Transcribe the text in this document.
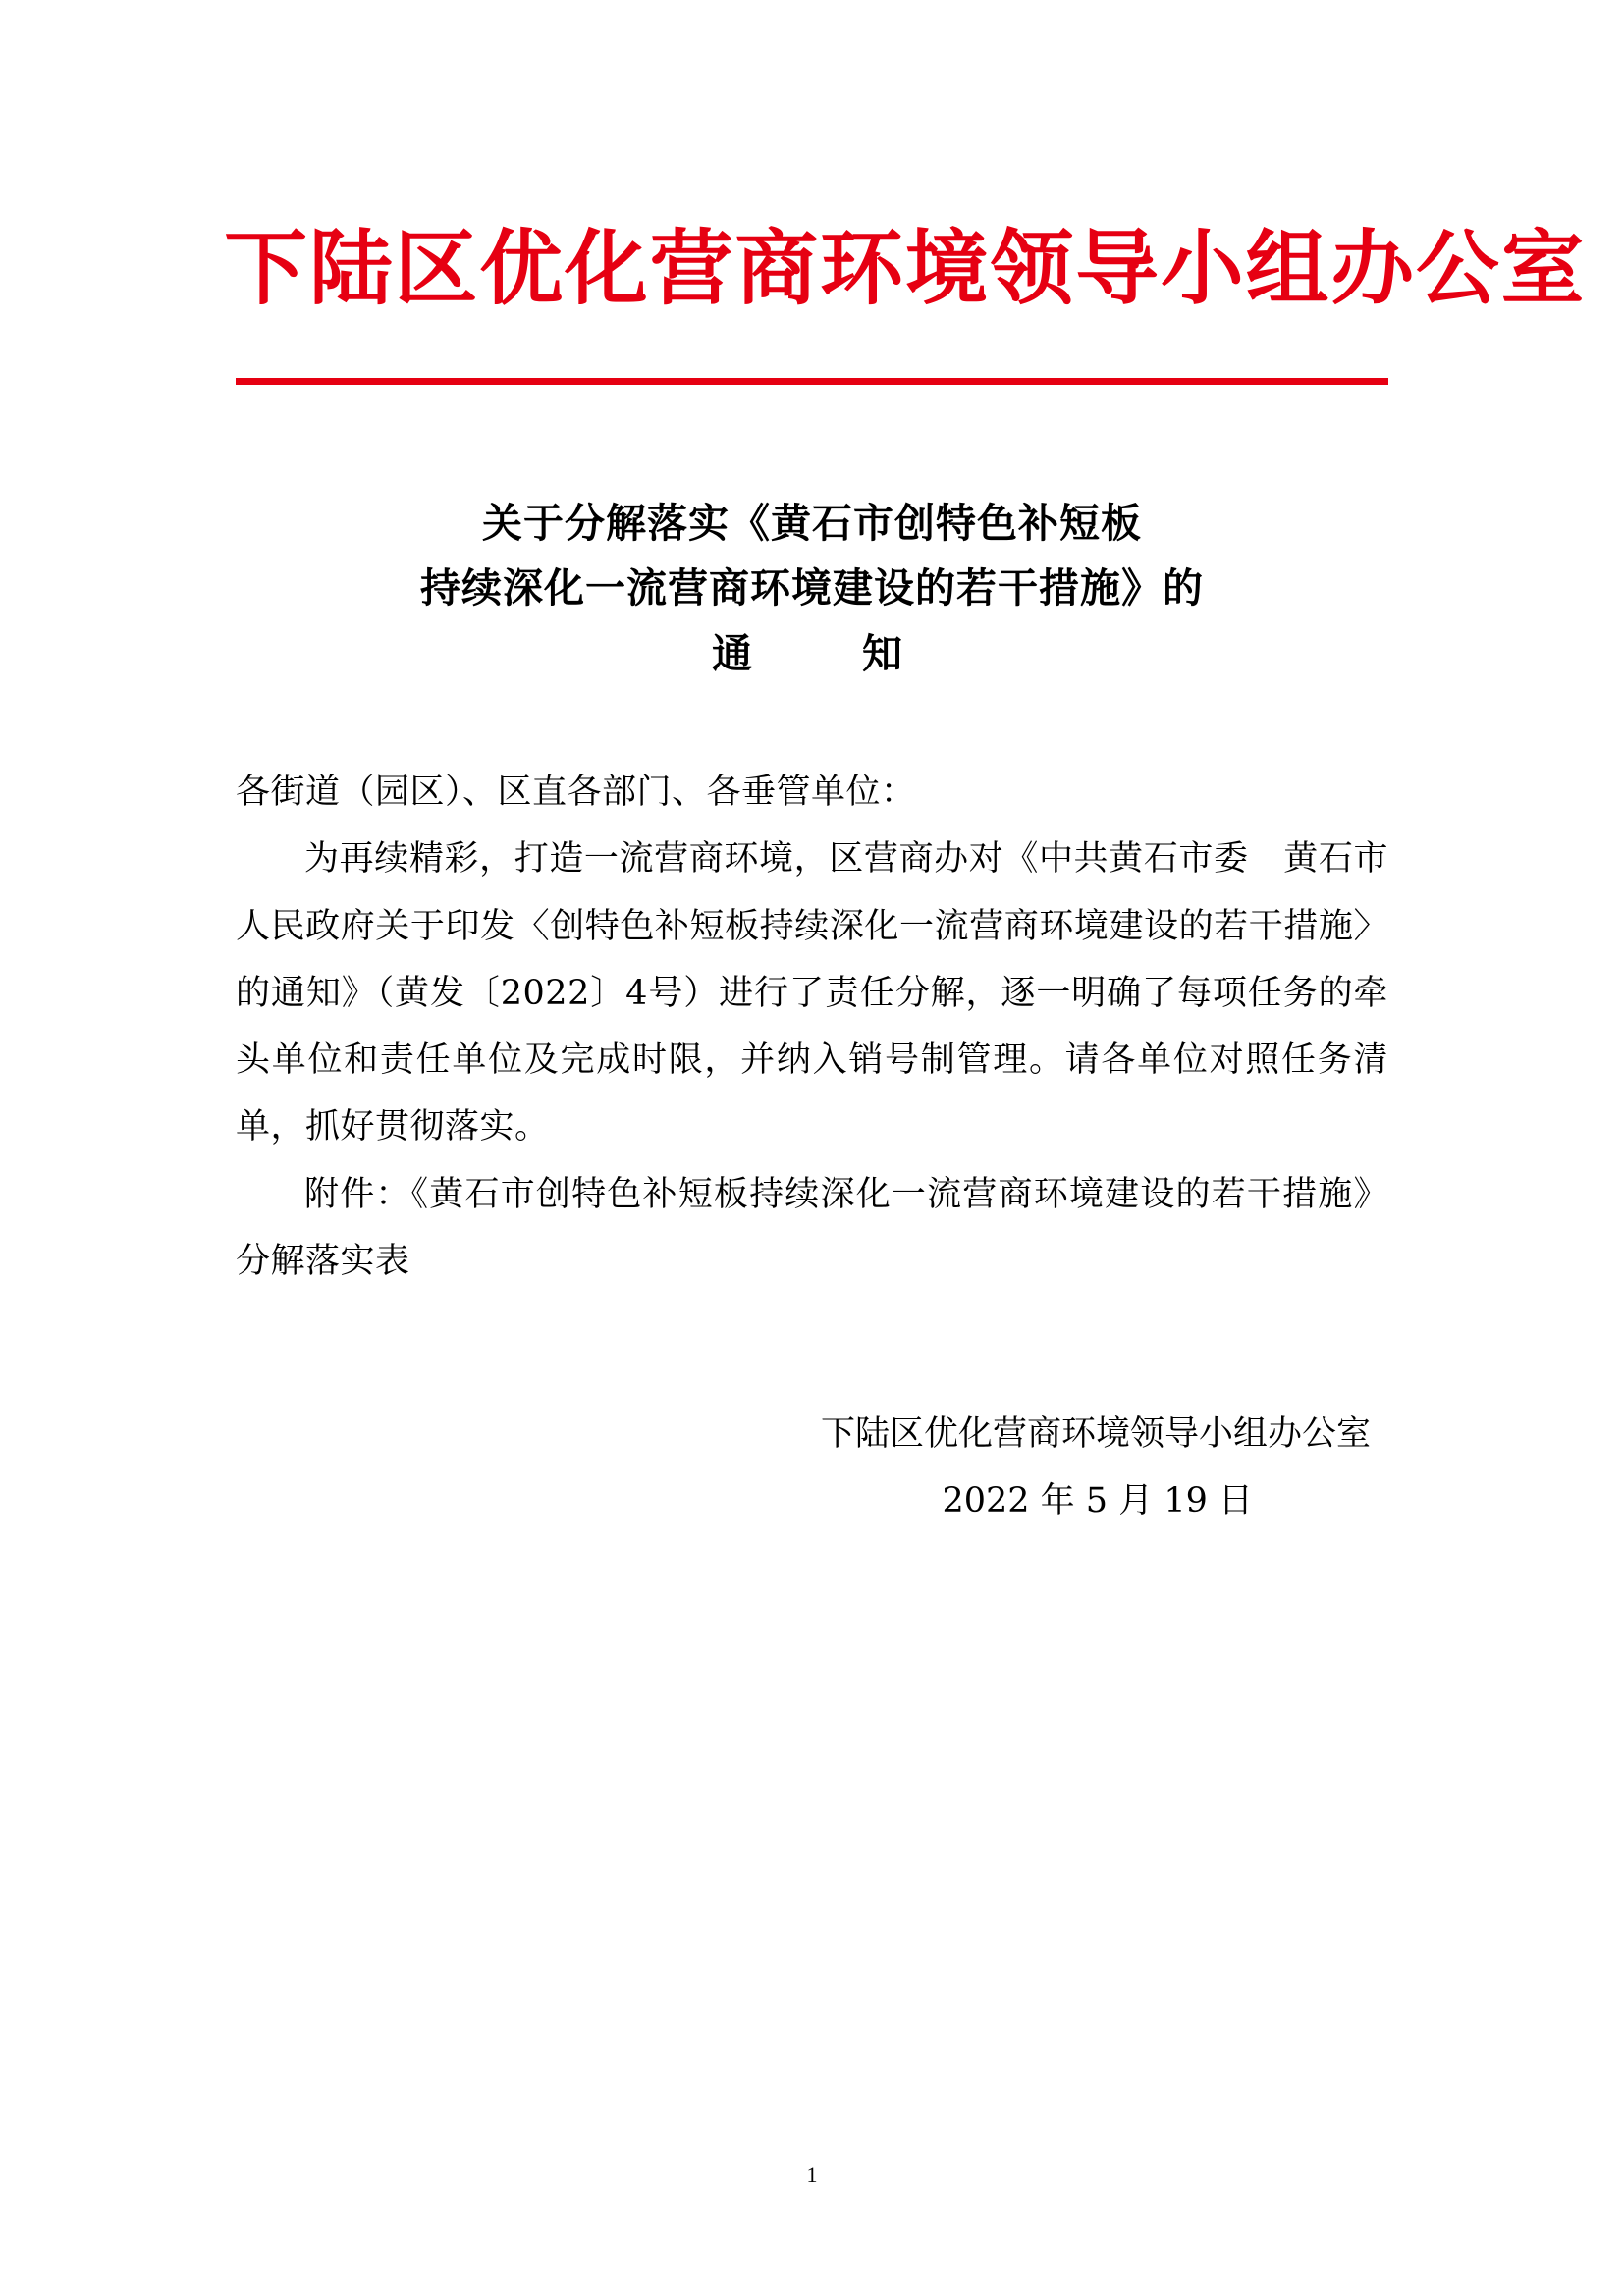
下陆区优化营商环境领导小组办公室
关于分解落实《黄石市创特色补短板
持续深化一流营商环境建设的若干措施》的
通　　知

各街道（园区）、区直各部门、各垂管单位：

为再续精彩，打造一流营商环境，区营商办对《中共黄石市委　黄石市人民政府关于印发〈创特色补短板持续深化一流营商环境建设的若干措施〉的通知》（黄发〔2022〕4号）进行了责任分解，逐一明确了每项任务的牵头单位和责任单位及完成时限，并纳入销号制管理。请各单位对照任务清单，抓好贯彻落实。

附件：《黄石市创特色补短板持续深化一流营商环境建设的若干措施》分解落实表

下陆区优化营商环境领导小组办公室
2022 年 5 月 19 日
1
